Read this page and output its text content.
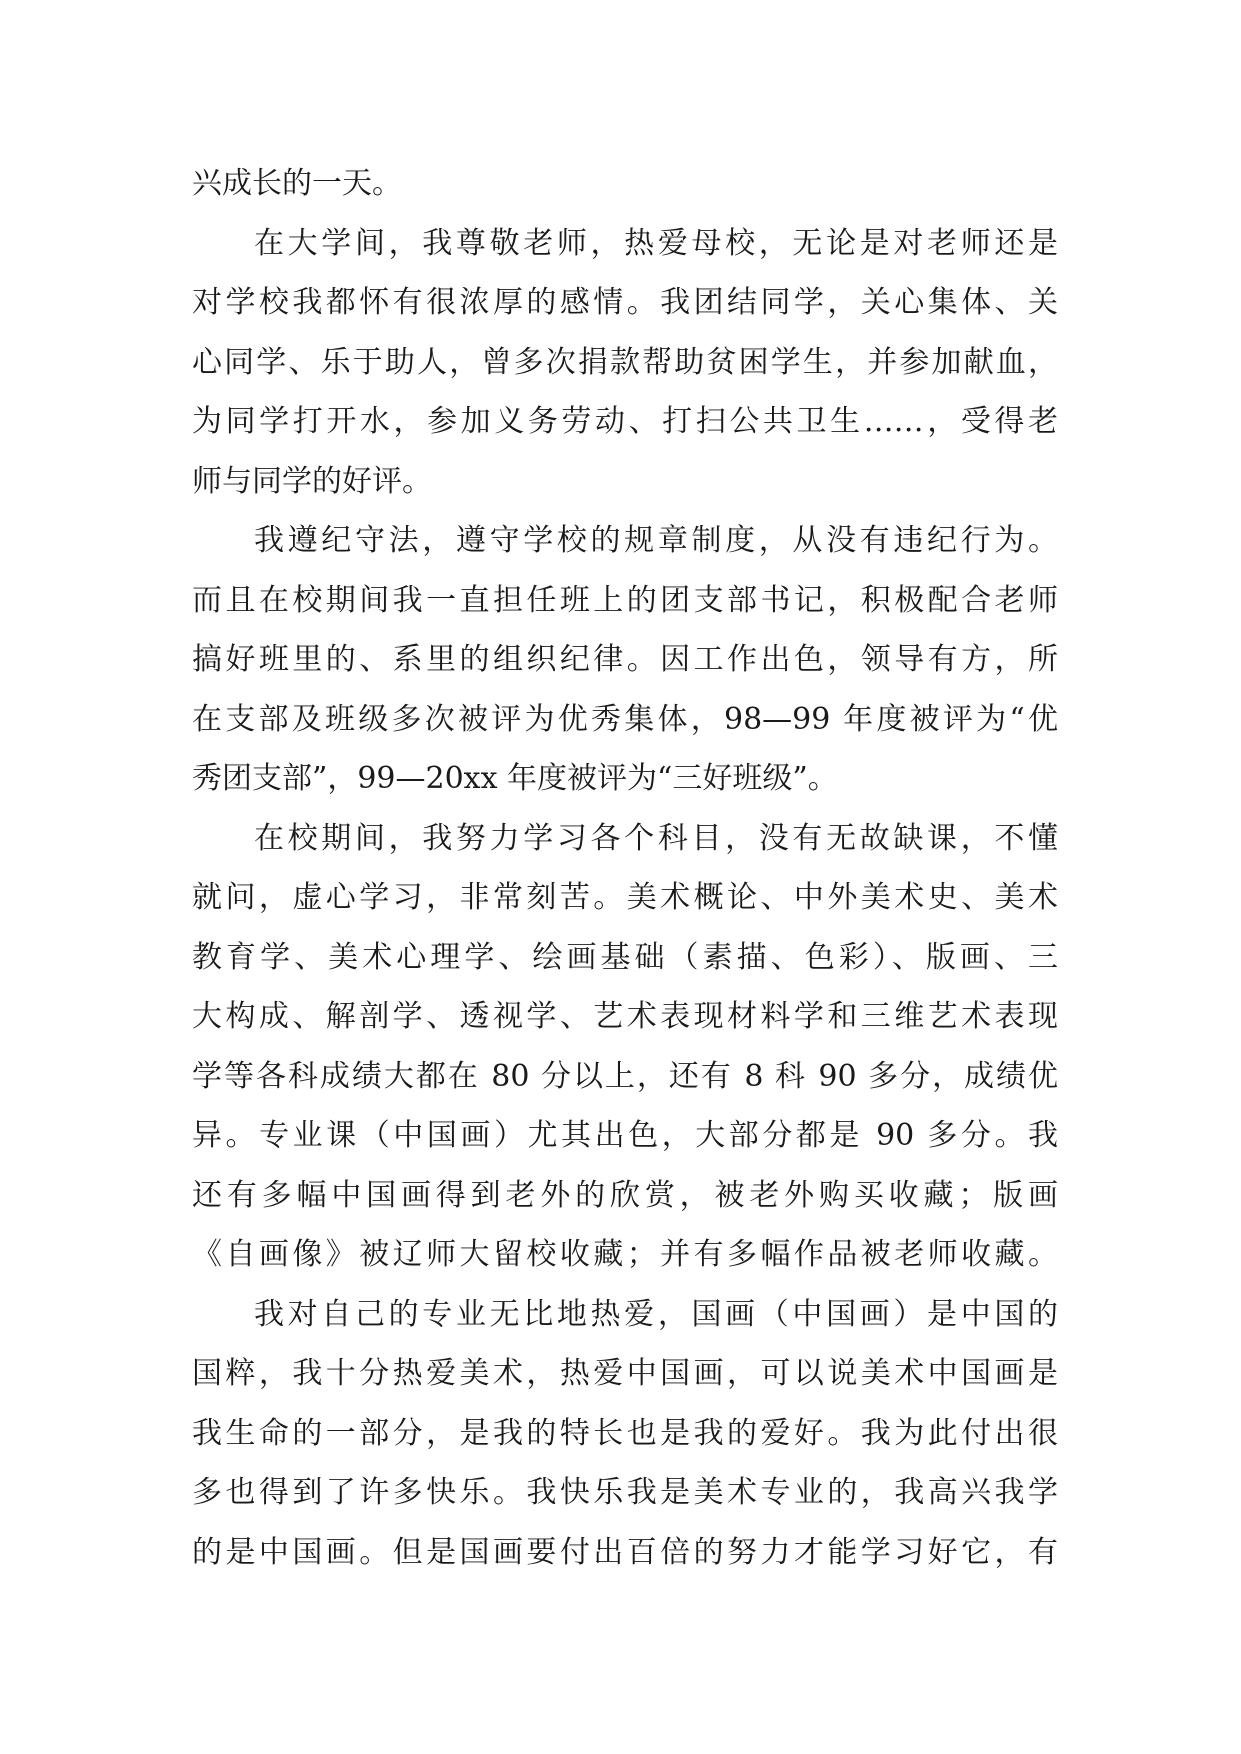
兴成长的一天。
在大学间，我尊敬老师，热爱母校，无论是对老师还是
对学校我都怀有很浓厚的感情。我团结同学，关心集体、关
心同学、乐于助人，曾多次捐款帮助贫困学生，并参加献血，
为同学打开水，参加义务劳动、打扫公共卫生……，受得老
师与同学的好评。
我遵纪守法，遵守学校的规章制度，从没有违纪行为。
而且在校期间我一直担任班上的团支部书记，积极配合老师
搞好班里的、系里的组织纪律。因工作出色，领导有方，所
在支部及班级多次被评为优秀集体，98—99 年度被评为“优
秀团支部”，99—20xx 年度被评为“三好班级”。
在校期间，我努力学习各个科目，没有无故缺课，不懂
就问，虚心学习，非常刻苦。美术概论、中外美术史、美术
教育学、美术心理学、绘画基础（素描、色彩）、版画、三
大构成、解剖学、透视学、艺术表现材料学和三维艺术表现
学等各科成绩大都在 80 分以上，还有 8 科 90 多分，成绩优
异。专业课（中国画）尤其出色，大部分都是 90 多分。我
还有多幅中国画得到老外的欣赏，被老外购买收藏；版画
《自画像》被辽师大留校收藏；并有多幅作品被老师收藏。
我对自己的专业无比地热爱，国画（中国画）是中国的
国粹，我十分热爱美术，热爱中国画，可以说美术中国画是
我生命的一部分，是我的特长也是我的爱好。我为此付出很
多也得到了许多快乐。我快乐我是美术专业的，我高兴我学
的是中国画。但是国画要付出百倍的努力才能学习好它，有
